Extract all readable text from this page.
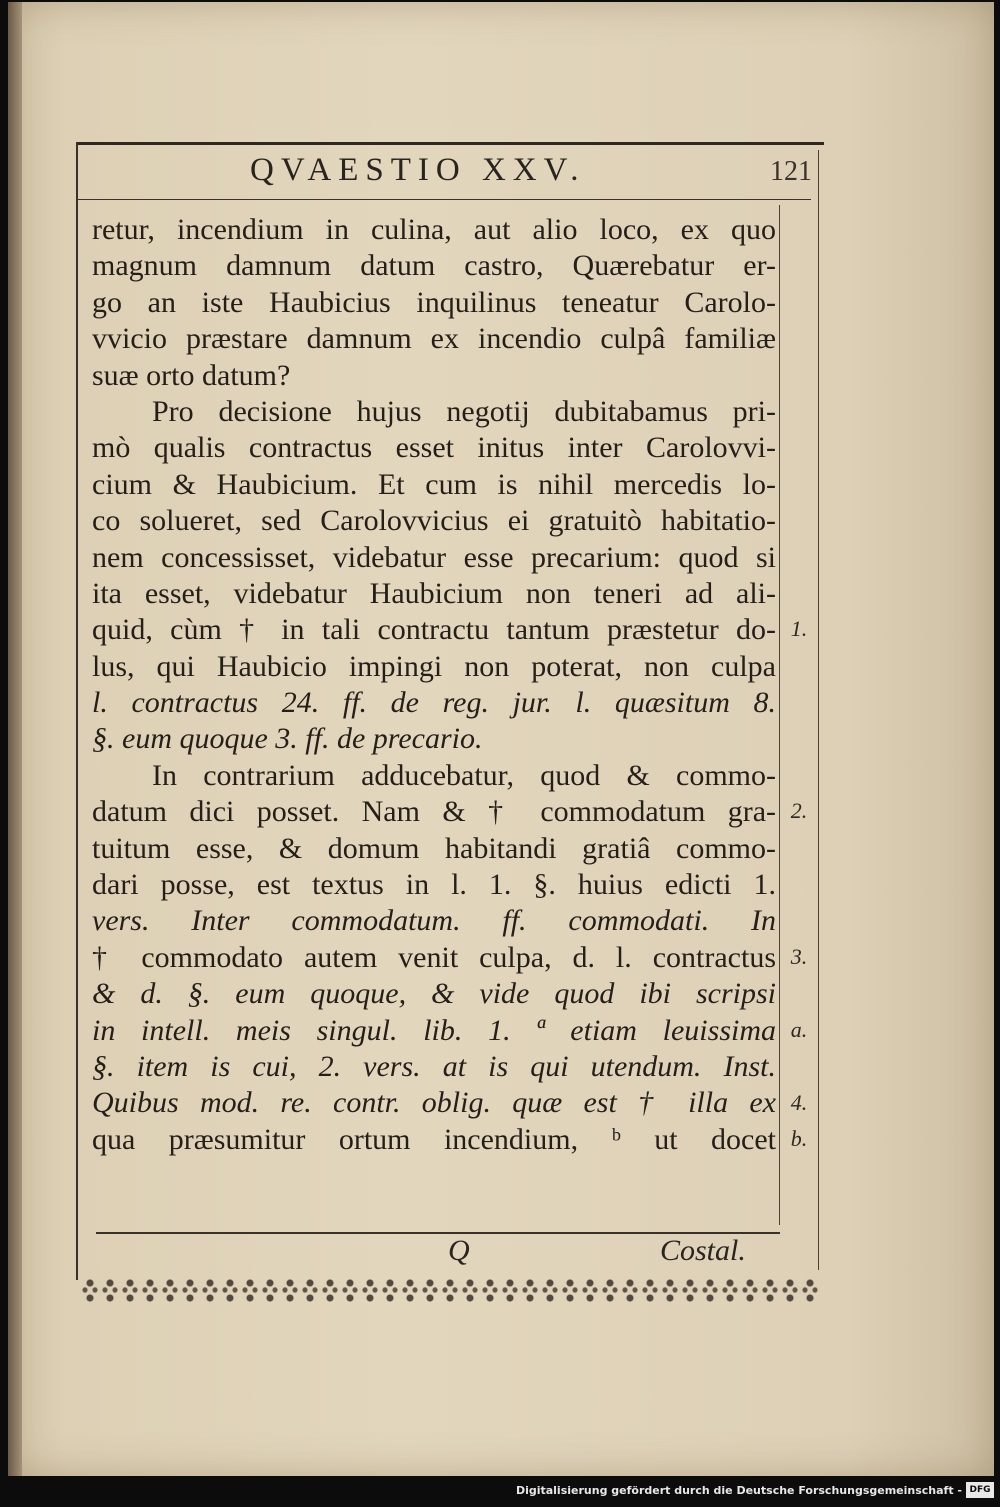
QVAESTIO XXV.	121
retur, incendium in culina, aut alio loco, ex quo
magnum damnum datum castro, Quærebatur er-
go an iste Haubicius inquilinus teneatur Carolo-
vvicio præstare damnum ex incendio culpâ familiæ
suæ orto datum?
Pro decisione hujus negotij dubitabamus pri-
mò qualis contractus esset initus inter Carolovvi-
cium & Haubicium. Et cum is nihil mercedis lo-
co solueret, sed Carolovvicius ei gratuitò habitatio-
nem concessisset, videbatur esse precarium: quod si
ita esset, videbatur Haubicium non teneri ad ali-
quid, cùm † in tali contractu tantum præstetur do-
lus, qui Haubicio impingi non poterat, non culpa
l. contractus 24. ff. de reg. jur. l. quæsitum 8.
§. eum quoque 3. ff. de precario.
In contrarium adducebatur, quod & commo-
datum dici posset. Nam & † commodatum gra-
tuitum esse, & domum habitandi gratiâ commo-
dari posse, est textus in l. 1. §. huius edicti 1.
vers. Inter commodatum. ff. commodati. In
† commodato autem venit culpa, d. l. contractus
& d. §. eum quoque, & vide quod ibi scripsi
in intell. meis singul. lib. 1. ª etiam leuissima
§. item is cui, 2. vers. at is qui utendum. Inst.
Quibus mod. re. contr. oblig. quæ est † illa ex
qua præsumitur ortum incendium, ᵇ ut docet
1.
2.
3.
a.
4.
b.
Q	Costal.
Digitalisierung gefördert durch die Deutsche Forschungsgemeinschaft - DFG
